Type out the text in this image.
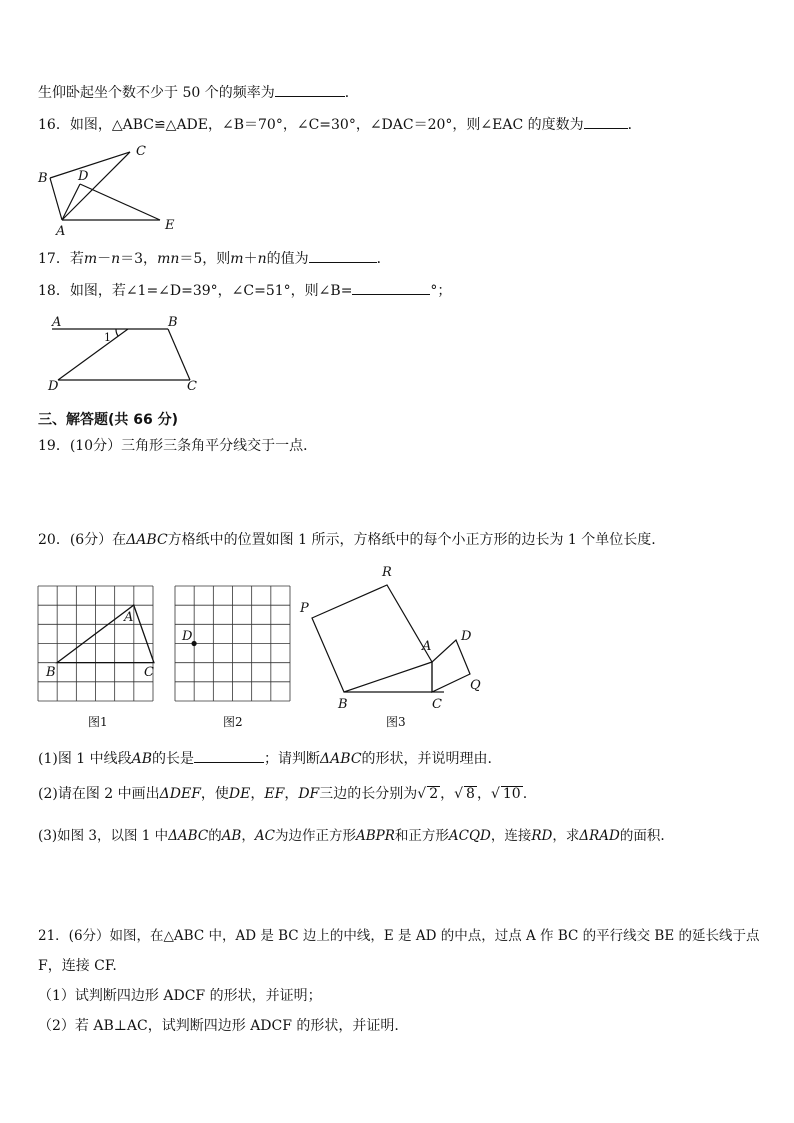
生仰卧起坐个数不少于 50 个的频率为	．
16．如图，△ABC≌△ADE，∠B＝70°，∠C=30°，∠DAC＝20°，则∠EAC 的度数为	．
B
C
D
A	E
17．若m－n＝3，mn＝5，则m＋n的值为	．
18．如图，若∠1=∠D=39°，∠C=51°，则∠B=	°；
A	B
D	C
1
三、解答题(共 66 分)
19．(10分）三角形三条角平分线交于一点．
20．(6分）在ΔABC方格纸中的位置如图 1 所示，方格纸中的每个小正方形的边长为 1 个单位长度.
A
B	C
图1
D
图2
R
P
A
D
Q
B	C
图3
(1)图 1 中线段AB的长是	；请判断ΔABC的形状，并说明理由.
(2)请在图 2 中画出ΔDEF，使DE，EF，DF三边的长分别为√ 2 ，√ 8 ，√ 10 .
(3)如图 3，以图 1 中ΔABC的AB，AC为边作正方形ABPR和正方形ACQD，连接RD，求ΔRAD的面积.
21．(6分）如图，在△ABC 中，AD 是 BC 边上的中线，E 是 AD 的中点，过点 A 作 BC 的平行线交 BE 的延长线于点
F，连接 CF.
（1）试判断四边形 ADCF 的形状，并证明；
（2）若 AB⊥AC，试判断四边形 ADCF 的形状，并证明.
